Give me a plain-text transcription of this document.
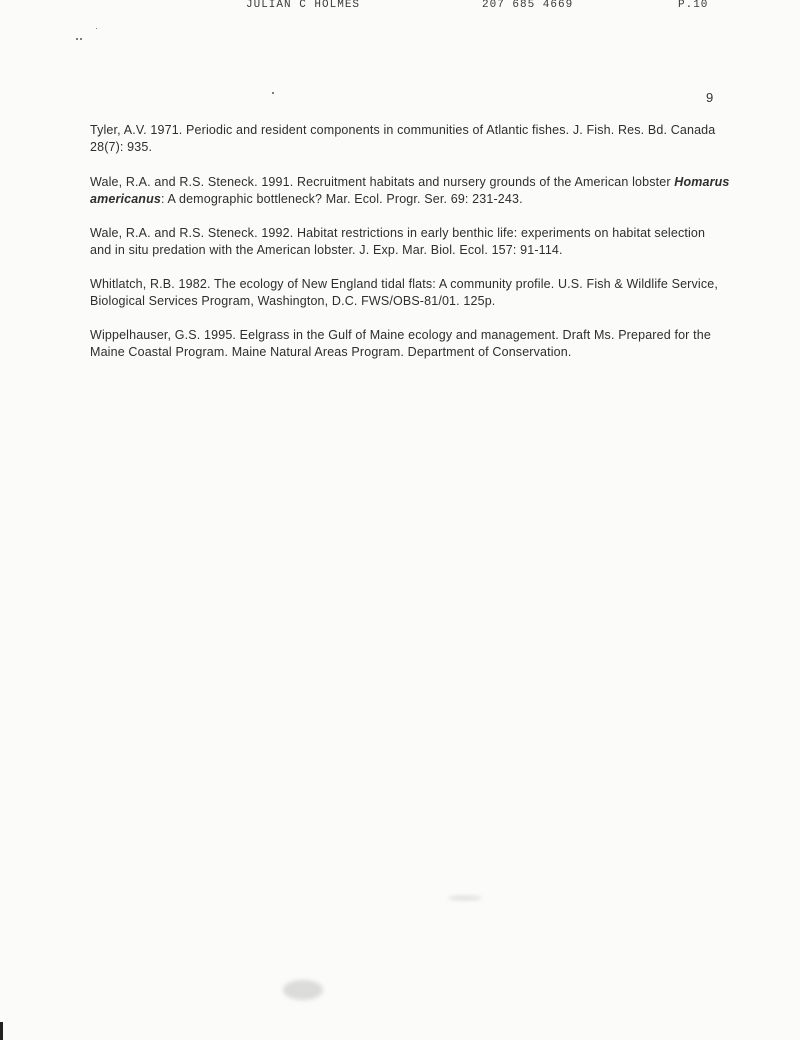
JULIAN C HOLMES	207 685 4669	P.10
9
Tyler, A.V. 1971. Periodic and resident components in communities of Atlantic fishes. J. Fish. Res. Bd. Canada 28(7): 935.
Wale, R.A. and R.S. Steneck. 1991. Recruitment habitats and nursery grounds of the American lobster Homarus americanus: A demographic bottleneck? Mar. Ecol. Progr. Ser. 69: 231-243.
Wale, R.A. and R.S. Steneck. 1992. Habitat restrictions in early benthic life: experiments on habitat selection and in situ predation with the American lobster. J. Exp. Mar. Biol. Ecol. 157: 91-114.
Whitlatch, R.B. 1982. The ecology of New England tidal flats: A community profile. U.S. Fish & Wildlife Service, Biological Services Program, Washington, D.C. FWS/OBS-81/01. 125p.
Wippelhauser, G.S. 1995. Eelgrass in the Gulf of Maine ecology and management. Draft Ms. Prepared for the Maine Coastal Program. Maine Natural Areas Program. Department of Conservation.
